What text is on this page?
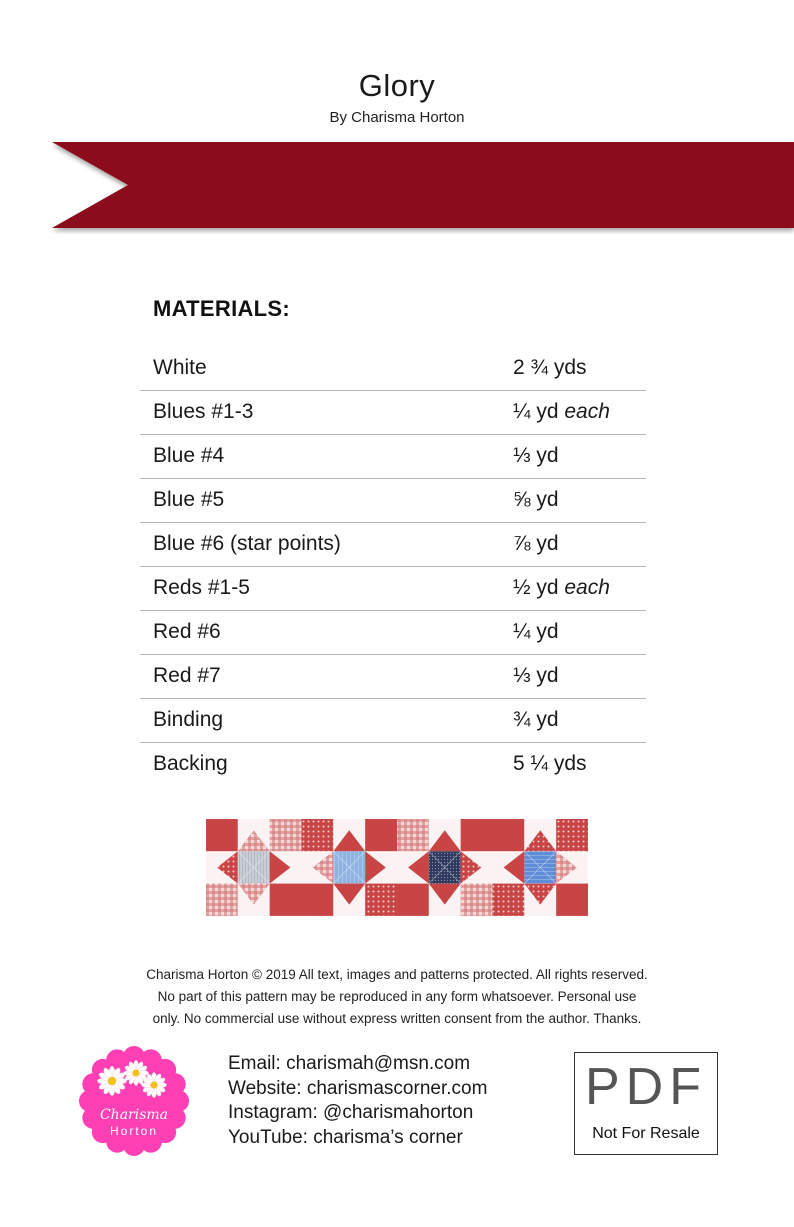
Glory
By Charisma Horton
MATERIALS:
White	2 ¾ yds
Blues #1-3	¼ yd each
Blue #4	⅓ yd
Blue #5	⅝ yd
Blue #6 (star points)	⅞ yd
Reds #1-5	½ yd each
Red #6	¼ yd
Red #7	⅓ yd
Binding	¾ yd
Backing	5 ¼ yds
Charisma Horton © 2019 All text, images and patterns protected. All rights reserved.
No part of this pattern may be reproduced in any form whatsoever. Personal use
only. No commercial use without express written consent from the author. Thanks.
Charisma
Horton
Email: charismah@msn.com
Website: charismascorner.com
Instagram: @charismahorton
YouTube: charisma’s corner
PDF
Not For Resale
